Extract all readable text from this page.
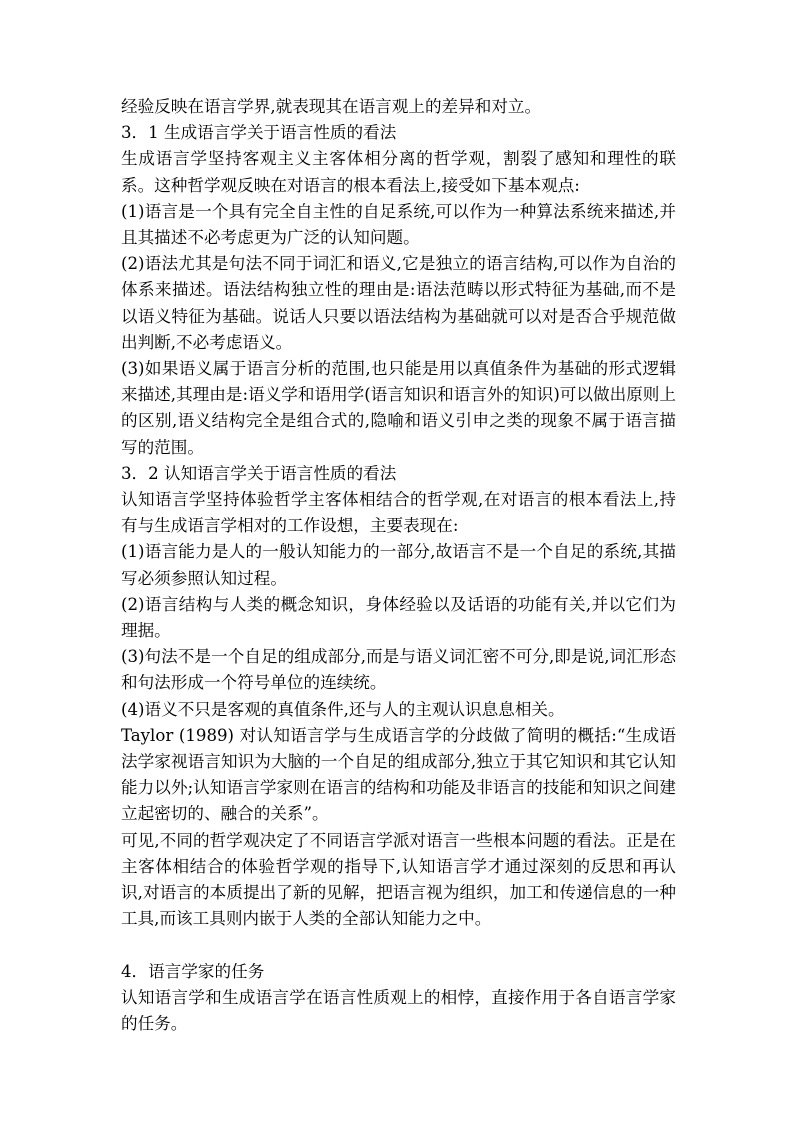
经验反映在语言学界,就表现其在语言观上的差异和对立。

3．1 生成语言学关于语言性质的看法

生成语言学坚持客观主义主客体相分离的哲学观，割裂了感知和理性的联系。这种哲学观反映在对语言的根本看法上,接受如下基本观点:

(1)语言是一个具有完全自主性的自足系统,可以作为一种算法系统来描述,并且其描述不必考虑更为广泛的认知问题。

(2)语法尤其是句法不同于词汇和语义,它是独立的语言结构,可以作为自治的体系来描述。语法结构独立性的理由是:语法范畴以形式特征为基础,而不是以语义特征为基础。说话人只要以语法结构为基础就可以对是否合乎规范做出判断,不必考虑语义。

(3)如果语义属于语言分析的范围,也只能是用以真值条件为基础的形式逻辑来描述,其理由是:语义学和语用学(语言知识和语言外的知识)可以做出原则上的区别,语义结构完全是组合式的,隐喻和语义引申之类的现象不属于语言描写的范围。

3．2 认知语言学关于语言性质的看法

认知语言学坚持体验哲学主客体相结合的哲学观,在对语言的根本看法上,持有与生成语言学相对的工作设想，主要表现在:

(1)语言能力是人的一般认知能力的一部分,故语言不是一个自足的系统,其描写必须参照认知过程。

(2)语言结构与人类的概念知识，身体经验以及话语的功能有关,并以它们为理据。

(3)句法不是一个自足的组成部分,而是与语义词汇密不可分,即是说,词汇形态和句法形成一个符号单位的连续统。

(4)语义不只是客观的真值条件,还与人的主观认识息息相关。

Taylor (1989) 对认知语言学与生成语言学的分歧做了简明的概括:“生成语法学家视语言知识为大脑的一个自足的组成部分,独立于其它知识和其它认知能力以外;认知语言学家则在语言的结构和功能及非语言的技能和知识之间建立起密切的、融合的关系”。

可见,不同的哲学观决定了不同语言学派对语言一些根本问题的看法。正是在主客体相结合的体验哲学观的指导下,认知语言学才通过深刻的反思和再认识,对语言的本质提出了新的见解，把语言视为组织，加工和传递信息的一种工具,而该工具则内嵌于人类的全部认知能力之中。

4．语言学家的任务

认知语言学和生成语言学在语言性质观上的相悖，直接作用于各自语言学家的任务。
